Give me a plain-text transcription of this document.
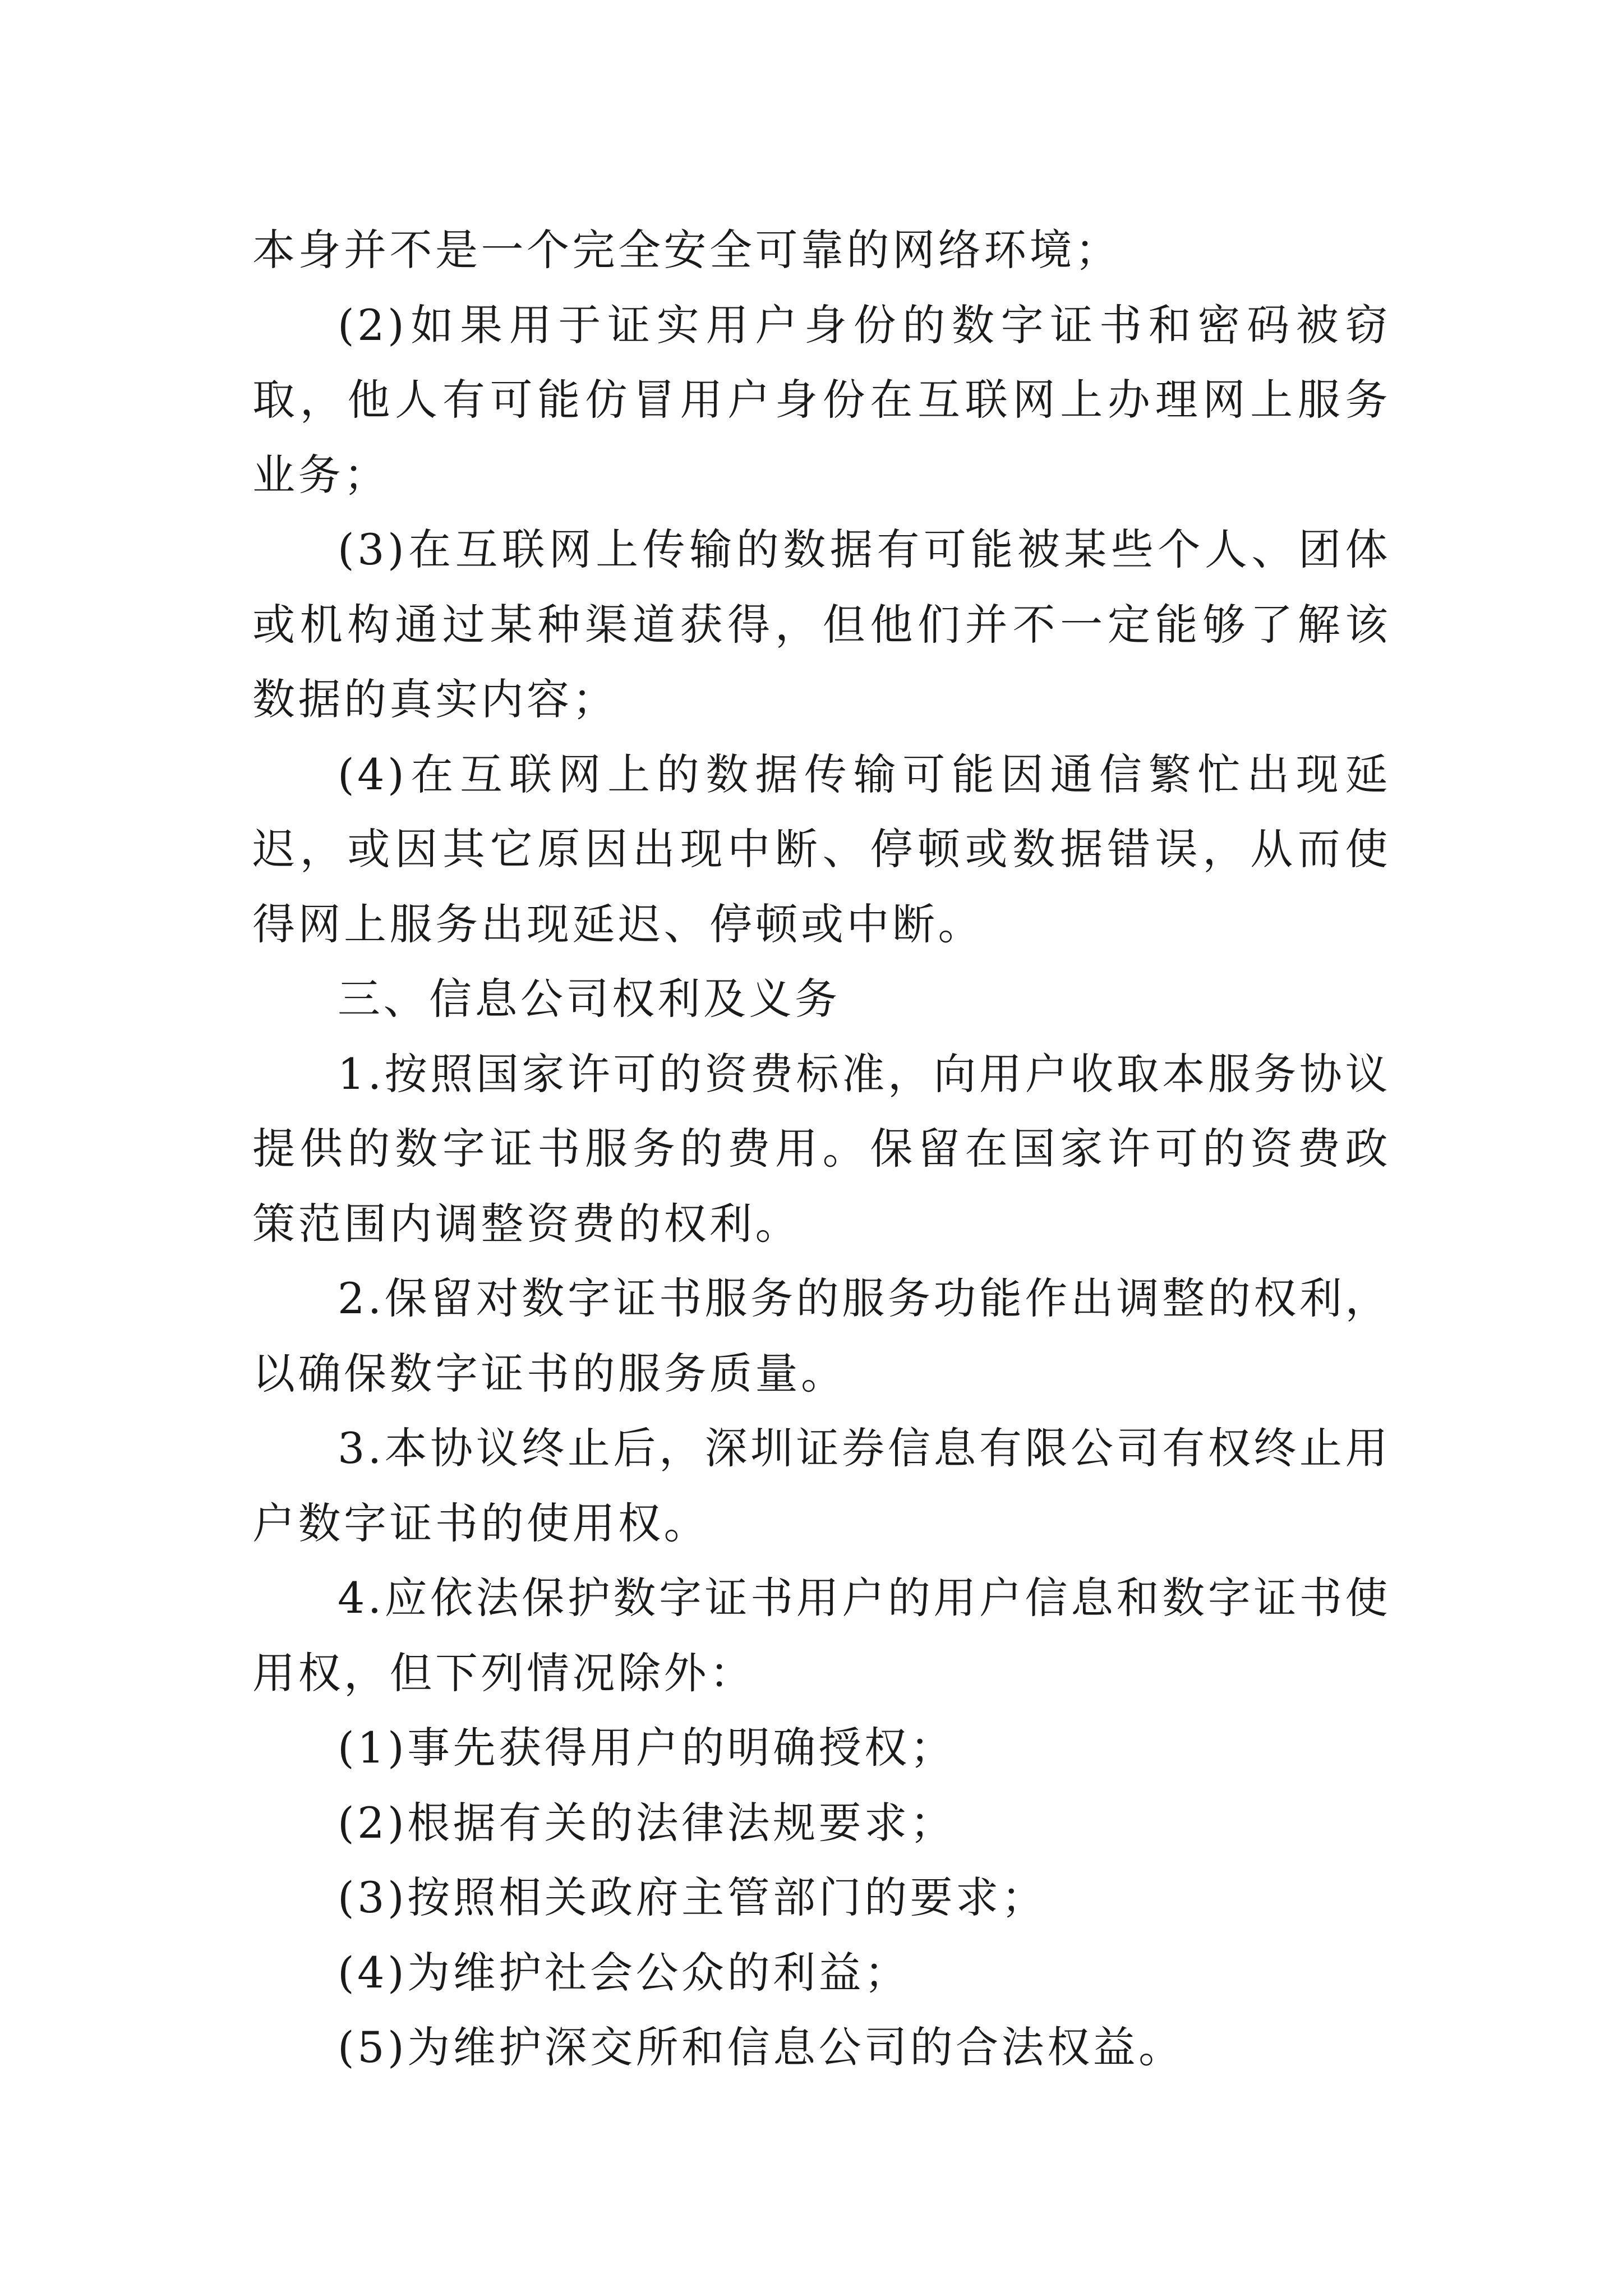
本身并不是一个完全安全可靠的网络环境；

(2)如果用于证实用户身份的数字证书和密码被窃取，他人有可能仿冒用户身份在互联网上办理网上服务业务；

(3)在互联网上传输的数据有可能被某些个人、团体或机构通过某种渠道获得，但他们并不一定能够了解该数据的真实内容；

(4)在互联网上的数据传输可能因通信繁忙出现延迟，或因其它原因出现中断、停顿或数据错误，从而使得网上服务出现延迟、停顿或中断。

三、信息公司权利及义务

1.按照国家许可的资费标准，向用户收取本服务协议提供的数字证书服务的费用。保留在国家许可的资费政策范围内调整资费的权利。

2.保留对数字证书服务的服务功能作出调整的权利，以确保数字证书的服务质量。

3.本协议终止后，深圳证券信息有限公司有权终止用户数字证书的使用权。

4.应依法保护数字证书用户的用户信息和数字证书使用权，但下列情况除外：

(1)事先获得用户的明确授权；

(2)根据有关的法律法规要求；

(3)按照相关政府主管部门的要求；

(4)为维护社会公众的利益；

(5)为维护深交所和信息公司的合法权益。
